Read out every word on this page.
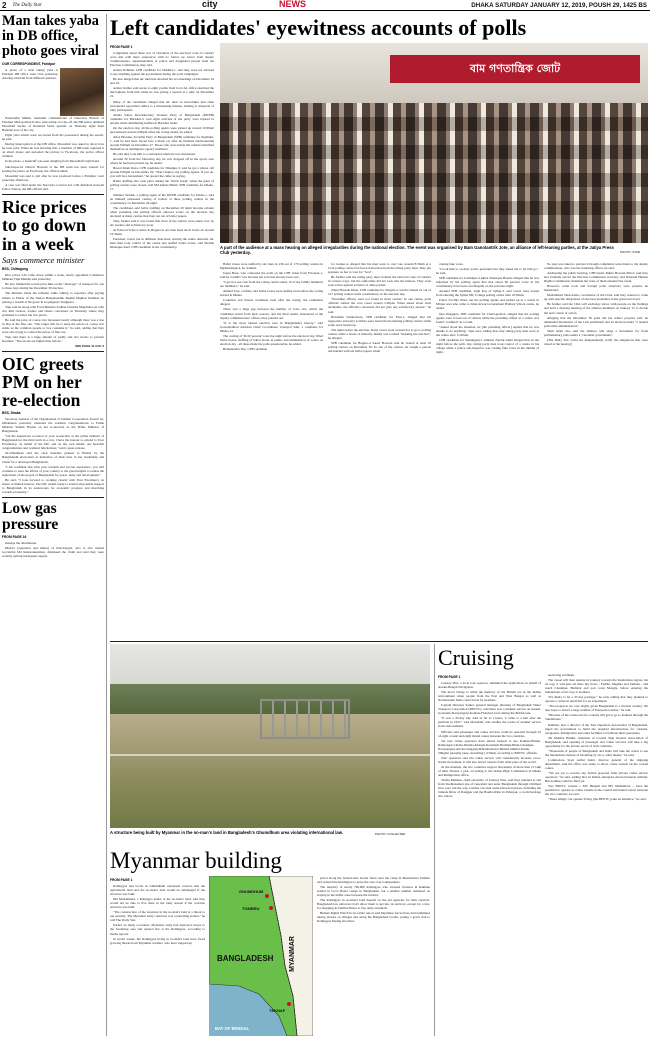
2 The Daily Star	city	NEWS	DHAKA SATURDAY JANUARY 12, 2019, POUSH 29, 1425 BS
Man takes yaba in DB office, photo goes viral
OUR CORRESPONDENT, Faridpur

A photo of a man taking yaba at Faridpur DB office went viral yesterday, drawing criticism from different quarters.

Nasiruddin Mallik, tauzumul commissioner of Detective Branch of Faridpur Metropolitan Police, said acting on a tip-off, the DB police detained Mosaddaf Sarfaz, of Rattabad Sadar upazila, on Thursday night from Baliadia area of the city.

Eight yaba tablets were recovered from his possession during the search, he said.

During interrogation at the DB office, Mosaddaf was asked to show how he took yaba. When he was showing that, a member of DB team captured it on smart phone and uploaded the picture to Facebook, the police officer claimed.

In the photo, a handcuff was seen dangling from Mosaddaf's right hand.

Sub-Inspector Delwar Hossain of the DB team has been warned for posting the photo on Facebook, the official added.

Mosaddaf was sent to jail after he was produced before a Faridpur court yesterday afternoon.

A case was filed under the Narcotics Control Act with Rattabad Kotwali Police Station, the DB official said.

Rice prices to go down in a week
Says commerce minister
BSS, Chittagong

Rice prices will come down within a week, newly appointed Commerce Minister Tipu Munshi said yesterday.

He also blamed the recent price hike on the "shortage" of transport for one to three days during the December 30 election.

The minister made the remarks while talking to reporters after paying tribute to Father of the Nation Bangabandhu Sheikh Mujibur Rahman by placing a wreath at his grave in Gopalganj's Tungipara.

Tipu said he along with Food Minister Sadhan Chandra Majumder sat with rice mill owners, traders and others concerned on Thursday where they promised to reduce the rice prices.

He said the price of coarse rice increased nearly although there was a rise in that of the fine one. "Our target will be to keep the prices of coarse rice stable as the common people or rice consume it," he said, adding that they were also trying to control the prices of fine rice.

Tipu said there is a huge amount of paddy and rice stocks to prevent hoarders. "The stocks are higher than before."

SEE PAGE 11 COL 2
OIC greets PM on her re-election
BSS, Dhaka

Secretary General of the Organisation of Islamic Cooperation Yousef Al-Othaimeen yesterday extended his warmest congratulations to Prime Minister Sheikh Hasina on her re-election as the Prime Minister of Bangladesh.

"On the auspicious occasion of your re-election as the prime minister of Bangladesh for the third term in a row, I have the honour to extend to Your Excellency, on behalf of the OIC and on my own behalf, our heartfelt congratulations and warmest felicitations," said a press release.

Al-Othaimeen said the clear mandate granted to Hasina by the Bangladeshi electorates is indicative of their trust in her leadership and vision for a developed Bangladesh.

"I am confident that with your wisdom and proven experience, you will continue to steer the affairs of your country to the great heights to realise the aspirations of the people of Bangladesh for peace, unity and development."

He said, "I look forward to working closely with Your Excellency on issues of mutual interest. The OIC stands ready to extend all possible support to Bangladesh in its endeavours for economic progress and marching towards prosperity."

Low gas pressure
FROM PAGE 16

manage the distribution.

District (operation and mines) of Petrobangla, who is also named Govindral Md Raisstanuzaman, dismissed the claim and said they were actually getting inadequate supply.

Left candidates' eyewitness accounts of polls
FROM PAGE 1

Complaints about these sort of violations of the electoral code of conduct were met with mere assurances with no follow up action from deputy commissioners, superintendents of police and designated people from the Election Commission, they said.

Azizur Rahman, CPB candidate for Satkhira-1, said they were not allowed to see anything against the government during the polls campaigns.

He also alleged that AL men had attacked his two meetings on December 16 and 19.

Azizur further said seven to eight youths from local AL office snatched the microphone from him while he was giving a speech at a rally on December 21.

Many of the candidates alleged that AL men on motorbikes had often surrounded opposition rallies to a threatening manner, leading to dispersal of rally participants.

Abdus Sattar, Revolutionary Workers Party of Bangladesh (RWPB) candidate for Barishal-5, said eight activists of the party were injured in attacks while distributing leaflets in Barishal Sadar.

On the election day, all his polling agents were picked up around 10:00am and released around 4:00pm when the voting ended, he added.

Alfaz Hossain, Socialist Party of Bangladesh (SPB) candidate for Rajshahi-1, said he had been forced into a black car after he finished electioneering around 6:00pm on December 27. Those who were inside the vehicle identified themselves as intelligence agency members.

He said they took him to a restaurant where he was threatened.

Around 20 from the following day, he was dropped off in the sports area where he had been picked up, he added.

Bessal Islam Raza, CPB candidate for Dinajpur-3, said he got a phone call around 8:30pm on December 29: "Don't deploy any polling agents. If you do, you will face harassment," he quoted the caller as saying.

Ballot stuffing also took place during the "lunch break" when the gates of polling centres were closed, said SM Abusis Habib, SPB candidate for Dhaka-17.

Shankar Saddak, a polling agent of the RWPB candidate for Pabna-1, said he himself witnessed casting of ballots at three polling centres in the constituency on December 29 night.

The candidates said ballot stuffing on December 29 night become evident when presiding and polling officers allowed voters on the election day declared at many centres that they ran out of ballot papers.

They further said it was found that most of the centres were taken over by AL leaders and activists by noon.

At Edward School centre in Bogura-6, AL men fired shots in the air around 10:30am.

Panicked, voters ran in different directions, leaving the centre deserted. AL men then took control of the centre and stuffed ballot boxes, said Mollah Khaleque Kazi, CPB candidate in the constituency.

বাম গণতান্ত্রিক জোট
A part of the audience at a mass hearing on alleged irregularities during the national election. The event was organised by Bam Ganotantrik Jote, an alliance of left-leaning parties, at the Jatiya Press Club yesterday.	PHOTO: STAR

Ballot boxes were stuffed by AL men in 136 out of 170 polling centres in Mymensingh-4, he claimed.

Japan Basu, who contested the polls on the CPB ticket from Firozpur-1, said he couldn't vote because his vote had already been cast.

"I got not one vote from the voting centre where 10 of my family members are members," he said.

Ahmed Tara, a leftist, said ballot boxes were stuffed even before the voting started in Dhaka.

Countries and threats continued even after the voting, the candidates alleged.

There was a huge gap between the number of votes cast, which the candidates learnt from their sources, and the final results announced at the deputy commissioners' offices, they pointed out.

"It is the most tainted election ever in Bangladesh's history," said Gonoshonhoti Andolan Chief Coordinator Zonayed Saki, a candidate for Dhaka-12.

The casting of 30-50 percent votes the night before the electoral day, filled ballot boxes, stuffing of ballot boxes in public and intimidation of voters on election day - all these made the polls questionable, he added.

Hamabendra Das, CPB candidate

for Gaipur-4, alleged that his men went to cast vote around 8:30am at a local polling centre but faced obstruction from the ruling party men. They put pressure on her to vote for "boat".

He further said the ruling party men violated the electoral code of conduct in various ways, but the authorities did not look into the matters. They even took action against activists of other parties.

Zahid Hossain Khan, CPB candidate for Tangail-2, said he visited 21 out of 127 polling centres in his constituency on the election day.

"Presiding officers were not found in most centres. In one centre, polls officials started the vote count around 2:20pm. When asked about such anomalies, the officials concerned did not give any satisfactory answer," he said.

Haradhan Chakraborty, SPB candidate for Feni-1, alleged that his supporters and party activists were barred from entering polling centres while some were beaten up.

The night before the election, many voters were warned not to go to polling centres while a house of minority family was torched "marking the election", he alleged.

SPB candidate for Bogura-4 Saeed Hossain said he visited at least 10 polling centres on December 30. In one of the centres, he caught a person red-handed with six ballot papers while

casting fake votes.

"I took him to on-duty police personnel but they asked me to let him go," he said.

SPB candidate for Laxmipur-4 Akbar Khaleque Hasebe alleged that he was informed by his polling agent that that about 60 percent votes in his constituency have been cast illegally on the previous night.

Another SPB candidate, Ujjal Roy of Sylhet-3, said voters were barred from entering the Sylhet MC College polling centre after 10:00am.

Police forcibly threw out his polling agents and picked up at a centre in Mirpur area who came to Jahaz Arwar Government Primary School centre, he added.

Opu Dasgupta, SPB candidate for Chattogram-9, alleged that his polling agents were forced out of centres while the presiding officer at a centre was found "confined" in a room.

"Asked about the situation, he [the presiding officer] replied that he was unable to do anything," Opu said, adding that only ruling party men were at the centre after 11:00am.

CPB candidate for Sunamganj-1 Aminul, Nazrul Amin alleged that on the night before the polls day, ruling party men took control of a centre in his village while a police sub-inspector was casting fake votes in the middle of night.

No step was taken to prevent it though complaints were made to the deputy commissioner, who was the returning officer, he said.

Addressing the public hearing, CPB leader Rubin Hossain Prince said they had formally served the Election Commission secretary and National Human Rights Commission chairman but none of them attended the event.

However, some local and foreign polls observers were present, he mentioned.

Mohammad Shah Alam, coordinator of the LDA, said they wanted to come up with specific allegations of electoral anomalies in the grassroots level.

He further said the LDA will exchange views with people on the findings and hold a daylong meeting of the alliance members on January 15 to decide the next course of action.

Alleging that the December 30 polls did not reflect people's will, he demanded dissolution of the 11th parliament and an election under "a neutral polls-time administration".

Shah Alam also said the alliance will stage a movement for fresh parliamentary polls under a "caretaker government".

[The Daily Star could not independently verify the allegations that were raised at the hearing]

A structure being built by Myanmar in the no-man's land in Bangladesh's Ghumdhum area violating international law.	PHOTO: COLLECTED
Myanmar building
FROM PAGE 1

Rohingyas and locals in Ghumdhum expressed concern that the agricultural land and the no-man's land would be submerged if the structure was built.

DD Mohammad, a Rohingya leader at the no-man's land, said they would not be able to live there in the rainy season if the concrete structure was built.

"The construction of the structure in the no-man's land is a threat to our security. The Myanmar army could use it as a patrolling station," he told The Daily Star.

Earlier on many occasions, Myanmar army had deployed troops to the bordering area and opened fire at the Rohingyas, according to media reports.

In recent weeks, the Rohingyas living in no-man's land have faced growing threats from Myanmar soldiers, who have stepped up

GHUMDHUM
TOMBRU
MYANMAR
BANGLADESH
TEKNAF
BAY OF BENGAL

patrol along the barbed-wire border fence near the camp in Bandarban's Tambru and ordered the Rohingyas to leave the area over loudspeakers.

The majority of nearly 700,000 Rohingyas who escaped violence in Rakhine settled in Cox's Bazar camps in Bangladesh, but a smaller number remained on staying in the buffer zone between the borders.

The Rohingyas in no-man's land depend on the aid agencies for their survival. Bangladesh law enforcers don't allow them to get into its territory, except for a few, for shopping in Tumbru Bazar to buy daily essentials.

Human Rights Watch in its earlier report said Myanmar forces have laid landmines during attacks on villages and along the Bangladesh border, posing a grave risk to Rohingyas fleeing atrocities.

Cruising
FROM PAGE 1

Journey Plus, a local tour operator, submitted the application on behalf of Assam-Bengal Navigation.

The move brings to mind the memory of the British era in the Indian subcontinent when people from the East and West Bengal as well as Northeastern India could travel by steamers.

Captain Shewkot Saiket, general manager (marine) of Bangladesh Water Transport Corporation (BIWTC), said there was a steamer service on Assam-Goalanda-Narayanganj-Kolkata-Flatubad route during the British rule.

"It was a 45-day trip. And as far as I know, it came to a halt after the partition in 1947," said Mosaddaf, who studies the routes of steamer service in the subcontinent.

Officials said passenger and cruise services could be operated through 10 of eight coastal and eight inland routes between the two countries.

Six new cruise operators have shown interest to use Kolkata-Haldia-Raimongal-Chalna-Khulna-Mongla-Kawkhali-Barishal-Hizla-Chandpur-Narayanganj-Aricha-Sirajganj-Bahadurabad-Chilmari-Dhubri-Pandu-Shilghat (Assam) route, stretching 1,535km, according to BIWTC officials.

Tour operators said the cruise service will considerably increase cross-border movement. It will also attract tourists from other parts of the world.

At the moment, the two countries support movement of more than 15 lakh of their citizens a year, according to the Indian High Commission in Dhaka and immigration office.

Taufiq Rahman, chief executive of Journey Plus, said they planned to sail from Strehlanamon site of Guwahati and enter Bangladesh through Chilmari river port. On the way, tourists can visit some historical places, including the Jamuna River of Rangpur and the Bautha Ritur in Paharpur, a world heritage site, before

anchoring in Dhaka.

The vessel will then resume its journey towards the Sundarbans region. On its way, it will pass all three big rivers - Padma, Meghna and Jamuna - and touch Chandpur, Barishal and port town Mongla, before entering the Sundarbans on its way to Kolkata.

"It's likely to be a 37-day package," he said, adding that they planned to operate a cruise in April this for an experiment.

"The prospects are very bright, given Bangladesh is a riverine country. We also hope to attract a large number of European tourists," he said.

"Because of the cruise service, tourists will get to go to Kolkata through the Sundarbans."

Rahman, also a director of the Tour Operators Association of Bangladesh, urged the government to build the required infrastructure for customs, navigation, immigration and other facilities to facilitate their operations.

SK Mahfuz Hamid, chairman of Coastal Ship Owners Association of Bangladesh, said opening of passenger and cruise services will take a big opportunity for the private sector of both countries.

"Thousands of people of Bangladesh and India will take the cruise to see the Sundarbans instead of travelling by air or other means," he said.

Commodore Syed Ariful Islam, director general of the shipping department, said his office was ready to allow cruise vessels on the coastal routes.

"We are yet to receive any formal proposal from private cruise service operators," he said, adding that an Indian enterprise showed interest initially. But nothing could be final yet.

Two BIWTC vessels -- MV Bangali and MV Madhumoti -- have the potential to operate as cruise vessels in the coastal and inland waters between the two countries, he said.

"There simply can operate if they [the BIWTC] take an initiative," he said.
